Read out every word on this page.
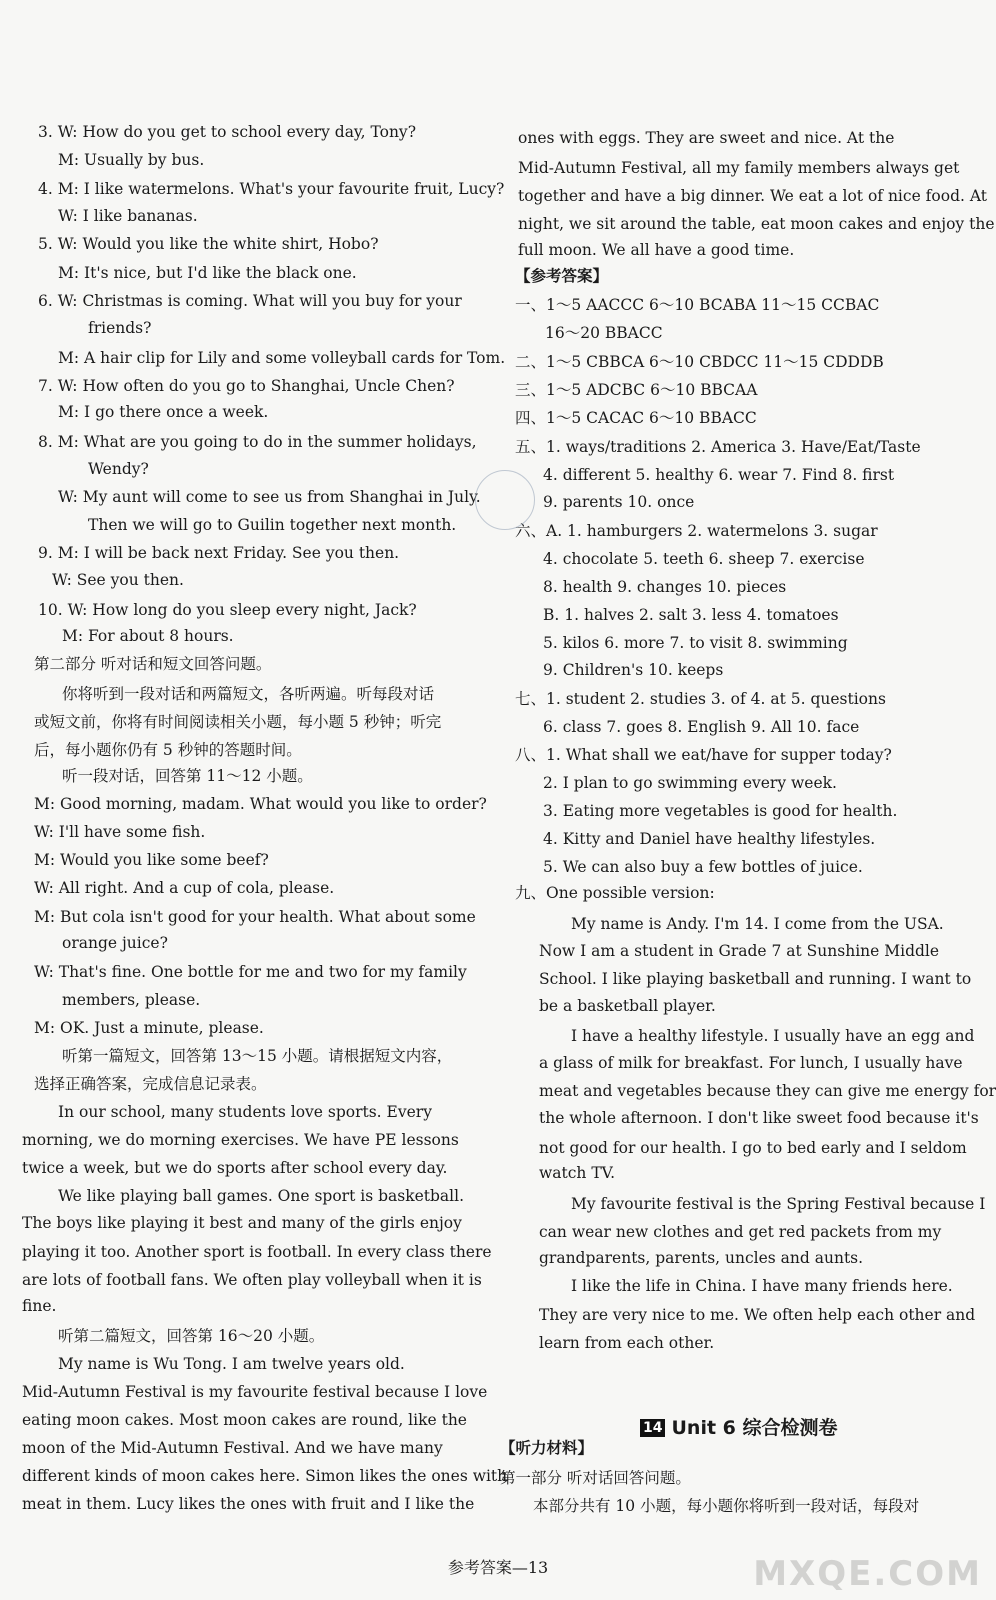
3. W: How do you get to school every day, Tony?
M: Usually by bus.
4. M: I like watermelons. What's your favourite fruit, Lucy?
W: I like bananas.
5. W: Would you like the white shirt, Hobo?
M: It's nice, but I'd like the black one.
6. W: Christmas is coming. What will you buy for your
friends?
M: A hair clip for Lily and some volleyball cards for Tom.
7. W: How often do you go to Shanghai, Uncle Chen?
M: I go there once a week.
8. M: What are you going to do in the summer holidays,
Wendy?
W: My aunt will come to see us from Shanghai in July.
Then we will go to Guilin together next month.
9. M: I will be back next Friday. See you then.
W: See you then.
10. W: How long do you sleep every night, Jack?
M: For about 8 hours.
第二部分 听对话和短文回答问题。
你将听到一段对话和两篇短文，各听两遍。听每段对话
或短文前，你将有时间阅读相关小题，每小题 5 秒钟；听完
后，每小题你仍有 5 秒钟的答题时间。
听一段对话，回答第 11～12 小题。
M: Good morning, madam. What would you like to order?
W: I'll have some fish.
M: Would you like some beef?
W: All right. And a cup of cola, please.
M: But cola isn't good for your health. What about some
orange juice?
W: That's fine. One bottle for me and two for my family
members, please.
M: OK. Just a minute, please.
听第一篇短文，回答第 13～15 小题。请根据短文内容，
选择正确答案，完成信息记录表。
In our school, many students love sports. Every
morning, we do morning exercises. We have PE lessons
twice a week, but we do sports after school every day.
We like playing ball games. One sport is basketball.
The boys like playing it best and many of the girls enjoy
playing it too. Another sport is football. In every class there
are lots of football fans. We often play volleyball when it is
fine.
听第二篇短文，回答第 16～20 小题。
My name is Wu Tong. I am twelve years old.
Mid-Autumn Festival is my favourite festival because I love
eating moon cakes. Most moon cakes are round, like the
moon of the Mid-Autumn Festival. And we have many
different kinds of moon cakes here. Simon likes the ones with
meat in them. Lucy likes the ones with fruit and I like the
ones with eggs. They are sweet and nice. At the
Mid-Autumn Festival, all my family members always get
together and have a big dinner. We eat a lot of nice food. At
night, we sit around the table, eat moon cakes and enjoy the
full moon. We all have a good time.
【参考答案】
一、1～5 AACCC 6～10 BCABA 11～15 CCBAC
16～20 BBACC
二、1～5 CBBCA 6～10 CBDCC 11～15 CDDDB
三、1～5 ADCBC 6～10 BBCAA
四、1～5 CACAC 6～10 BBACC
五、1. ways/traditions 2. America 3. Have/Eat/Taste
4. different 5. healthy 6. wear 7. Find 8. first
9. parents 10. once
六、A. 1. hamburgers 2. watermelons 3. sugar
4. chocolate 5. teeth 6. sheep 7. exercise
8. health 9. changes 10. pieces
B. 1. halves 2. salt 3. less 4. tomatoes
5. kilos 6. more 7. to visit 8. swimming
9. Children's 10. keeps
七、1. student 2. studies 3. of 4. at 5. questions
6. class 7. goes 8. English 9. All 10. face
八、1. What shall we eat/have for supper today?
2. I plan to go swimming every week.
3. Eating more vegetables is good for health.
4. Kitty and Daniel have healthy lifestyles.
5. We can also buy a few bottles of juice.
九、One possible version:
My name is Andy. I'm 14. I come from the USA.
Now I am a student in Grade 7 at Sunshine Middle
School. I like playing basketball and running. I want to
be a basketball player.
I have a healthy lifestyle. I usually have an egg and
a glass of milk for breakfast. For lunch, I usually have
meat and vegetables because they can give me energy for
the whole afternoon. I don't like sweet food because it's
not good for our health. I go to bed early and I seldom
watch TV.
My favourite festival is the Spring Festival because I
can wear new clothes and get red packets from my
grandparents, parents, uncles and aunts.
I like the life in China. I have many friends here.
They are very nice to me. We often help each other and
learn from each other.
【听力材料】
第一部分 听对话回答问题。
本部分共有 10 小题，每小题你将听到一段对话，每段对
14 Unit 6 综合检测卷
参考答案—13	MXQE.COM
